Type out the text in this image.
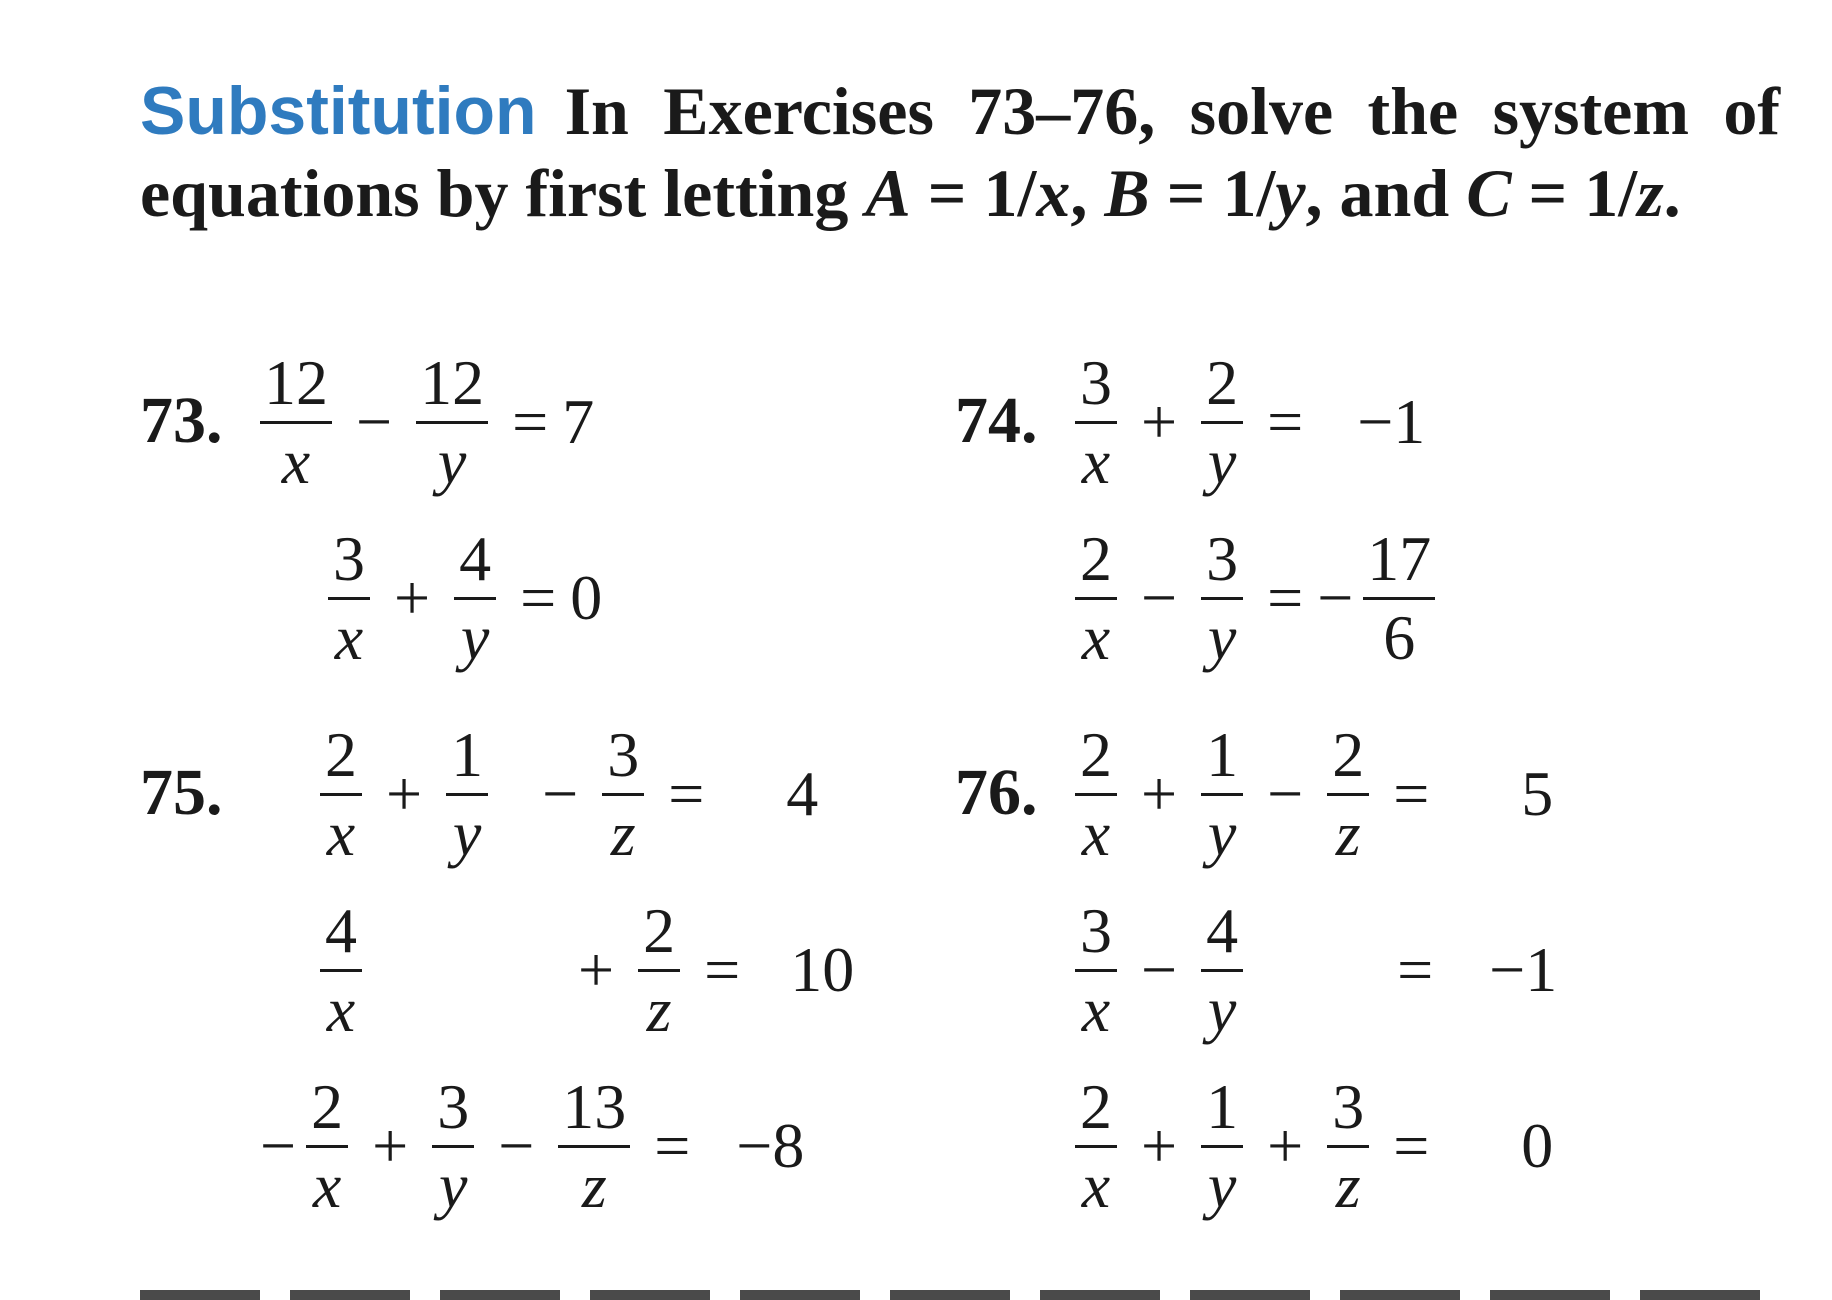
Substitution In Exercises 73–76, solve the system of equations by first letting A = 1/x, B = 1/y, and C = 1/z.
73. $\frac{12}{x} - \frac{12}{y} = 7$
$\frac{3}{x} + \frac{4}{y} = 0$
74. $\frac{3}{x} + \frac{2}{y} = -1$
$\frac{2}{x} - \frac{3}{y}$ = − $\frac{17}{6}$
75. $\frac{2}{x} + \frac{1}{y} - \frac{3}{z}$ =	4
$\frac{4}{x}$	+ $\frac{2}{z} = 10$
− $\frac{2}{x} + \frac{3}{y} - \frac{13}{z} = -8$
76. $\frac{2}{x} + \frac{1}{y} - \frac{2}{z}$ =	5
$\frac{3}{x} - \frac{4}{y} = -1$
$\frac{2}{x} + \frac{1}{y} + \frac{3}{z}$ =	0
